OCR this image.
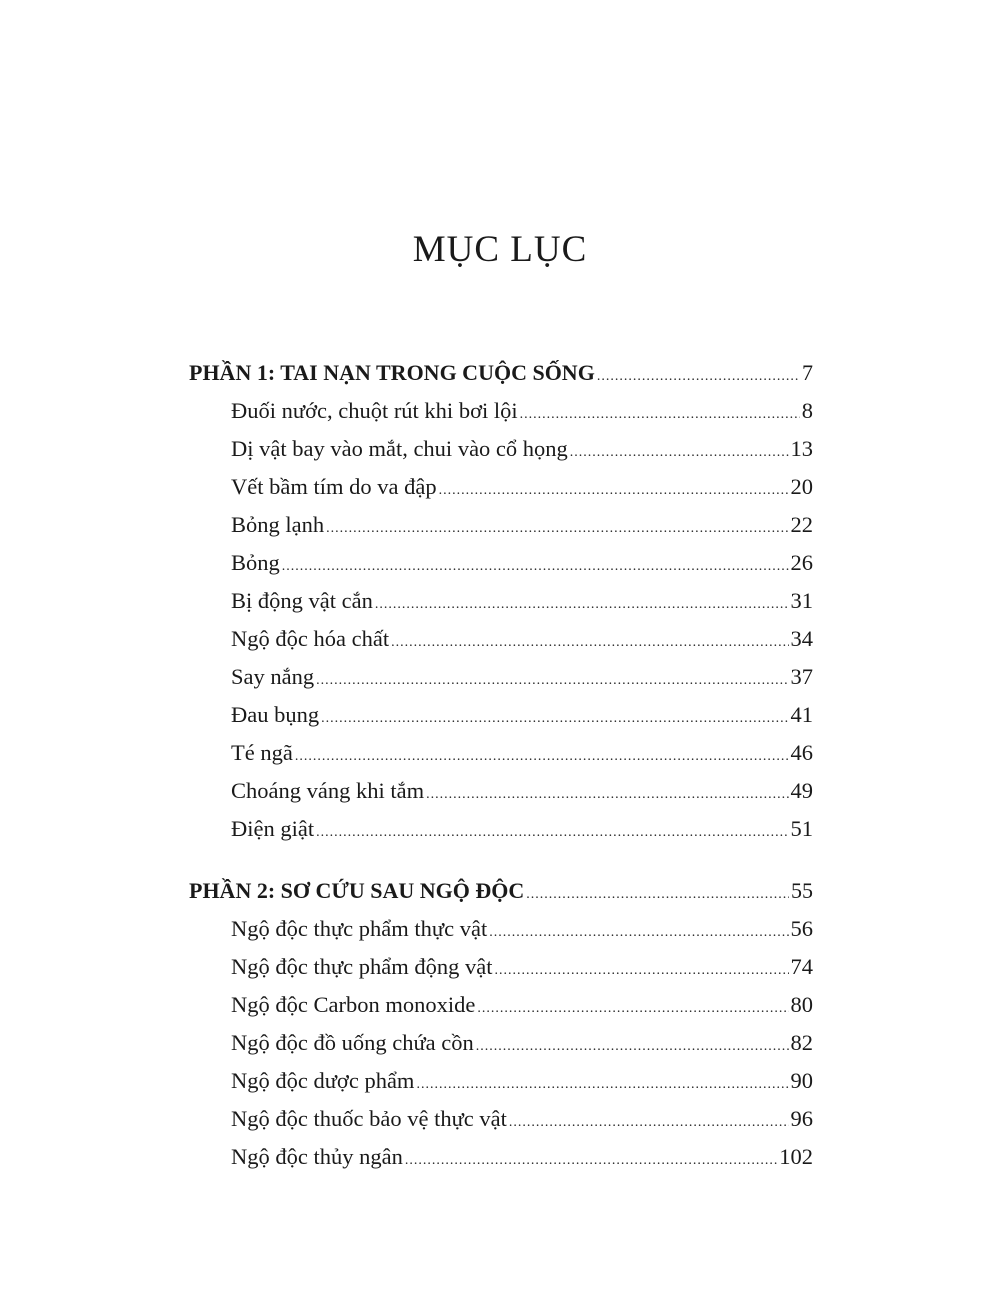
MỤC LỤC
PHẦN 1: TAI NẠN TRONG CUỘC SỐNG .....	7
Đuối nước, chuột rút khi bơi lội .....	8
Dị vật bay vào mắt, chui vào cổ họng .....	13
Vết bầm tím do va đập .....	20
Bỏng lạnh .....	22
Bỏng .....	26
Bị động vật cắn .....	31
Ngộ độc hóa chất .....	34
Say nắng .....	37
Đau bụng .....	41
Té ngã .....	46
Choáng váng khi tắm .....	49
Điện giật .....	51
PHẦN 2: SƠ CỨU SAU NGỘ ĐỘC .....	55
Ngộ độc thực phẩm thực vật .....	56
Ngộ độc thực phẩm động vật .....	74
Ngộ độc Carbon monoxide .....	80
Ngộ độc đồ uống chứa cồn .....	82
Ngộ độc dược phẩm .....	90
Ngộ độc thuốc bảo vệ thực vật .....	96
Ngộ độc thủy ngân .....	102
